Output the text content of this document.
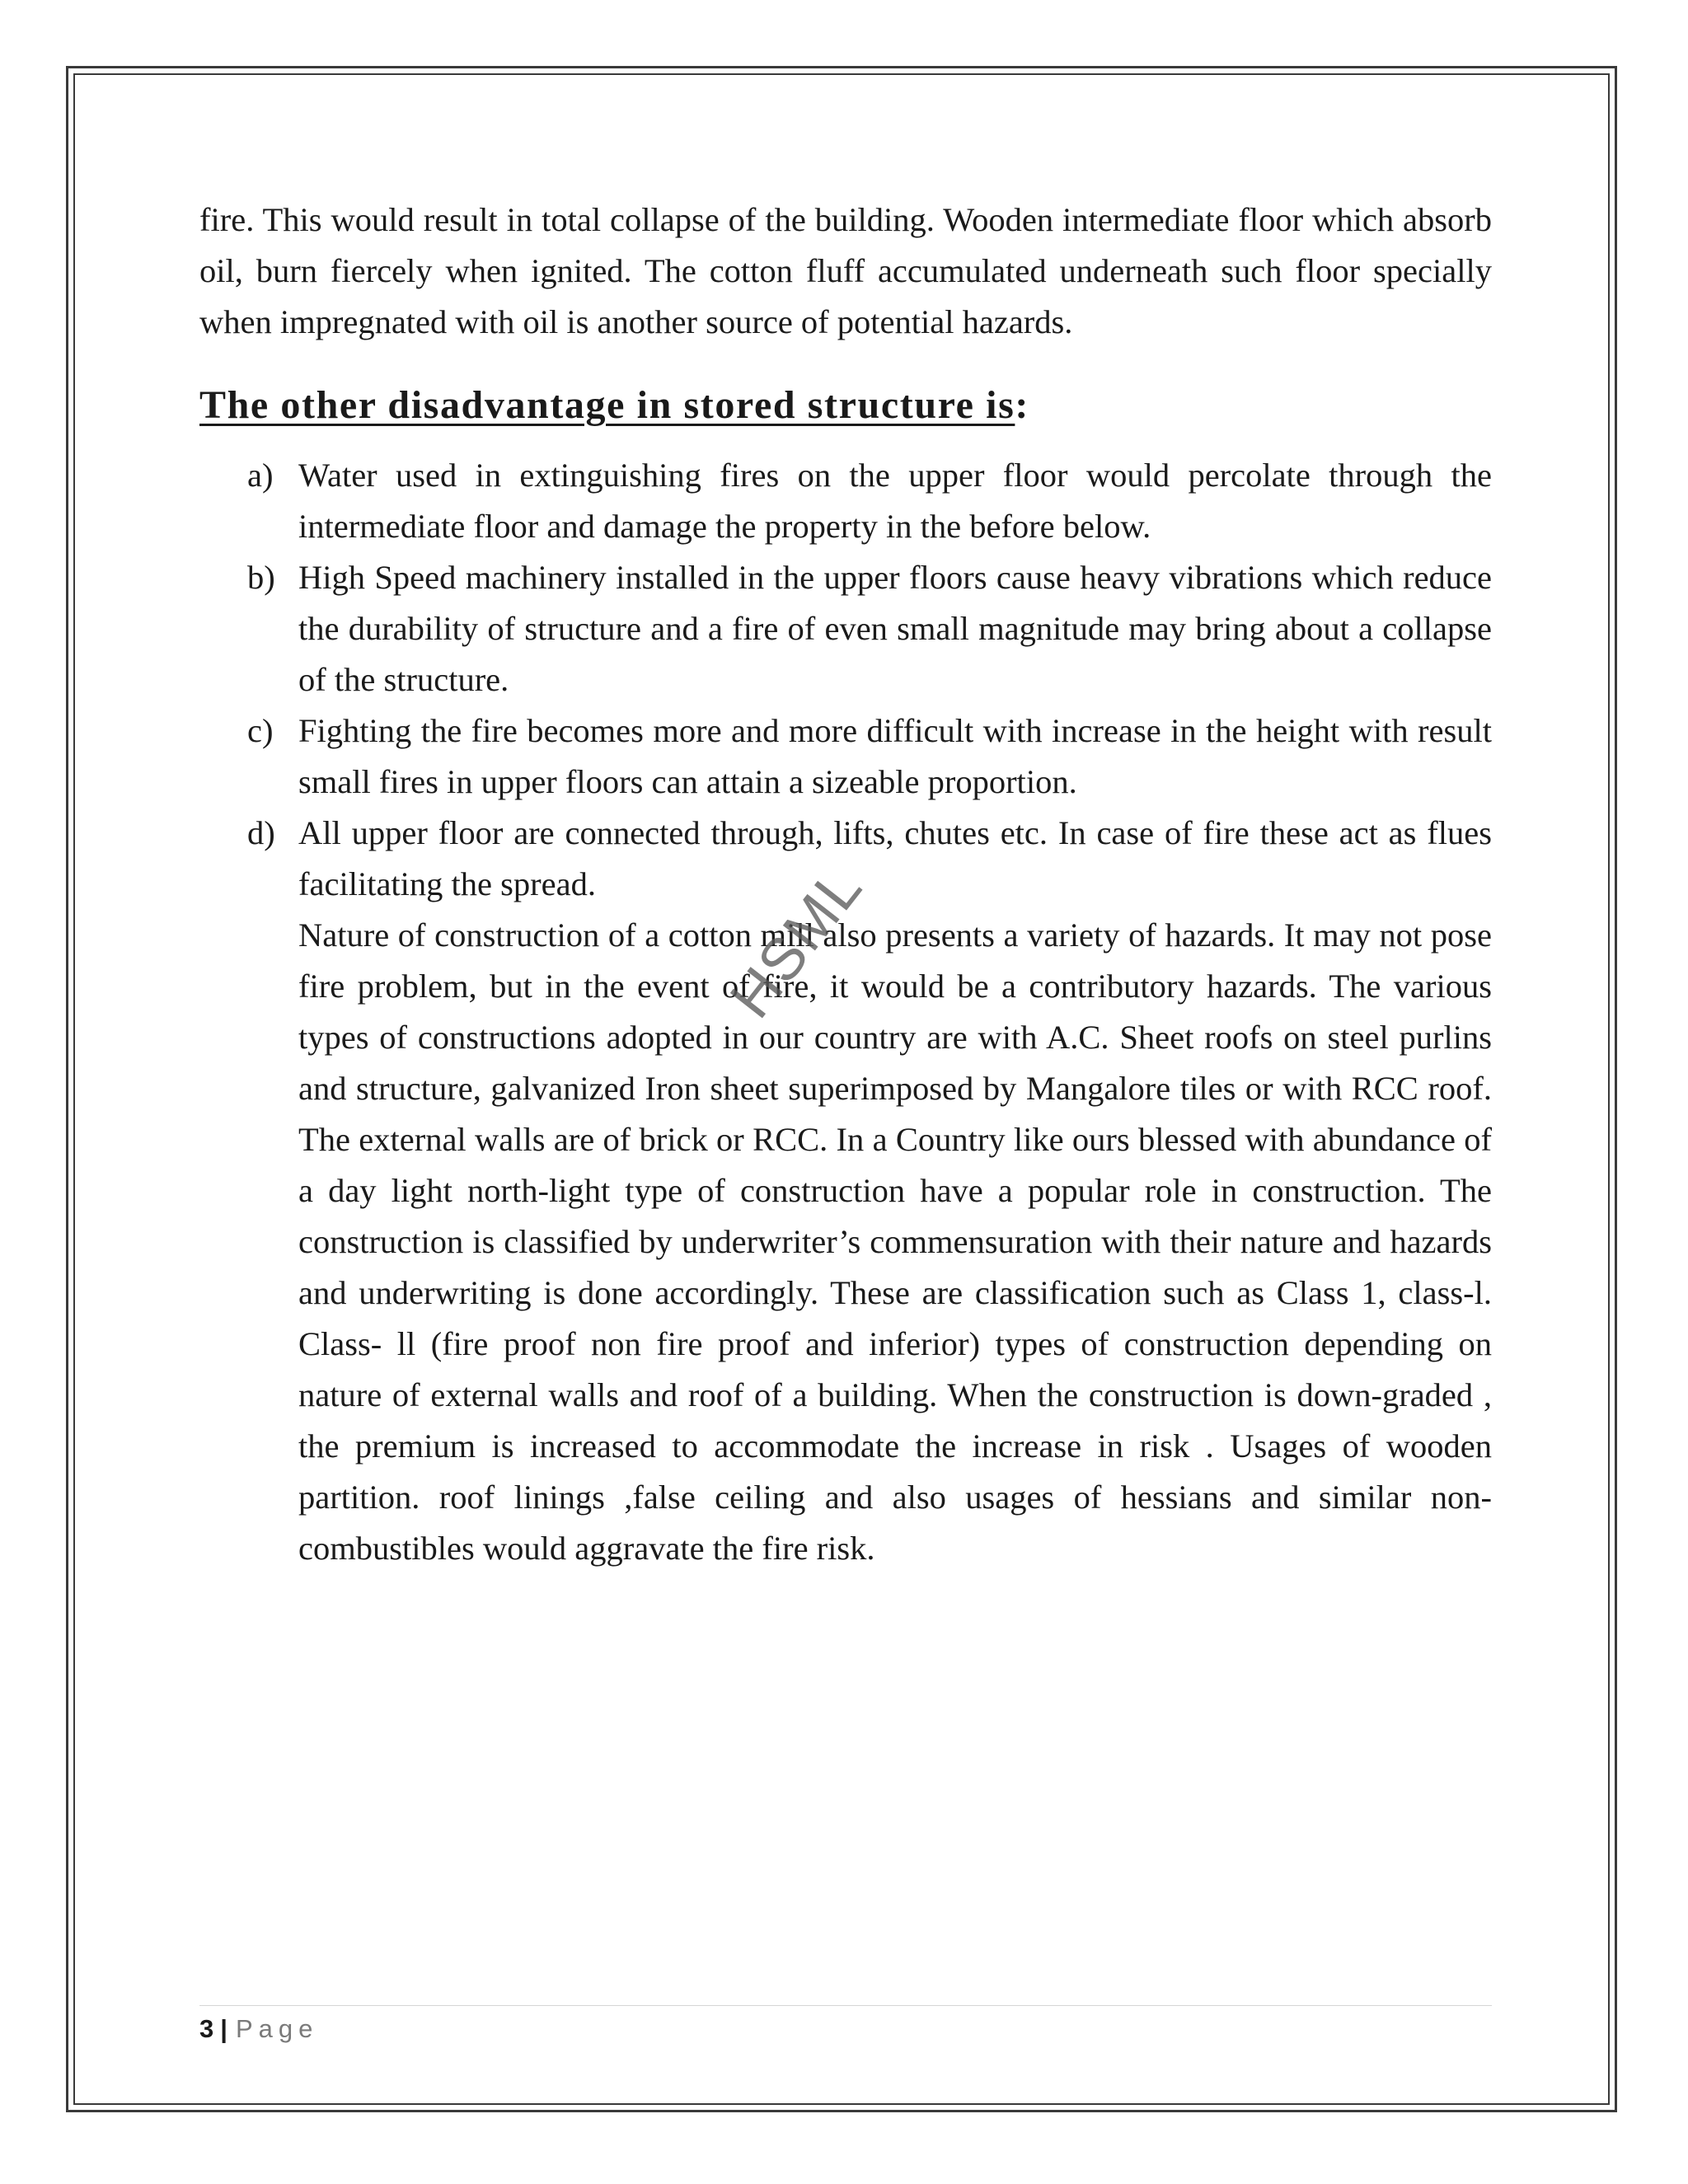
fire. This would result in total collapse of the building. Wooden intermediate floor which absorb oil, burn fiercely when ignited. The cotton fluff accumulated underneath such floor specially when impregnated with oil is another source of potential hazards.

The other disadvantage in stored structure is:
a) Water used in extinguishing fires on the upper floor would percolate through the intermediate floor and damage the property in the before below.
b) High Speed machinery installed in the upper floors cause heavy vibrations which reduce the durability of structure and a fire of even small magnitude may bring about a collapse of the structure.
c) Fighting the fire becomes more and more difficult with increase in the height with result small fires in upper floors can attain a sizeable proportion.
d) All upper floor are connected through, lifts, chutes etc. In case of fire these act as flues facilitating the spread.

Nature of construction of a cotton mill also presents a variety of hazards. It may not pose fire problem, but in the event of fire, it would be a contributory hazards. The various types of constructions adopted in our country are with A.C. Sheet roofs on steel purlins and structure, galvanized Iron sheet superimposed by Mangalore tiles or with RCC roof. The external walls are of brick or RCC. In a Country like ours blessed with abundance of a day light north-light type of construction have a popular role in construction. The construction is classified by underwriter’s commensuration with their nature and hazards and underwriting is done accordingly. These are classification such as Class 1, class-l. Class- ll (fire proof non fire proof and inferior) types of construction depending on nature of external walls and roof of a building. When the construction is down-graded , the premium is increased to accommodate the increase in risk . Usages of wooden partition. roof linings ,false ceiling and also usages of hessians and similar non-combustibles would aggravate the fire risk.

HSML
3 | Page
